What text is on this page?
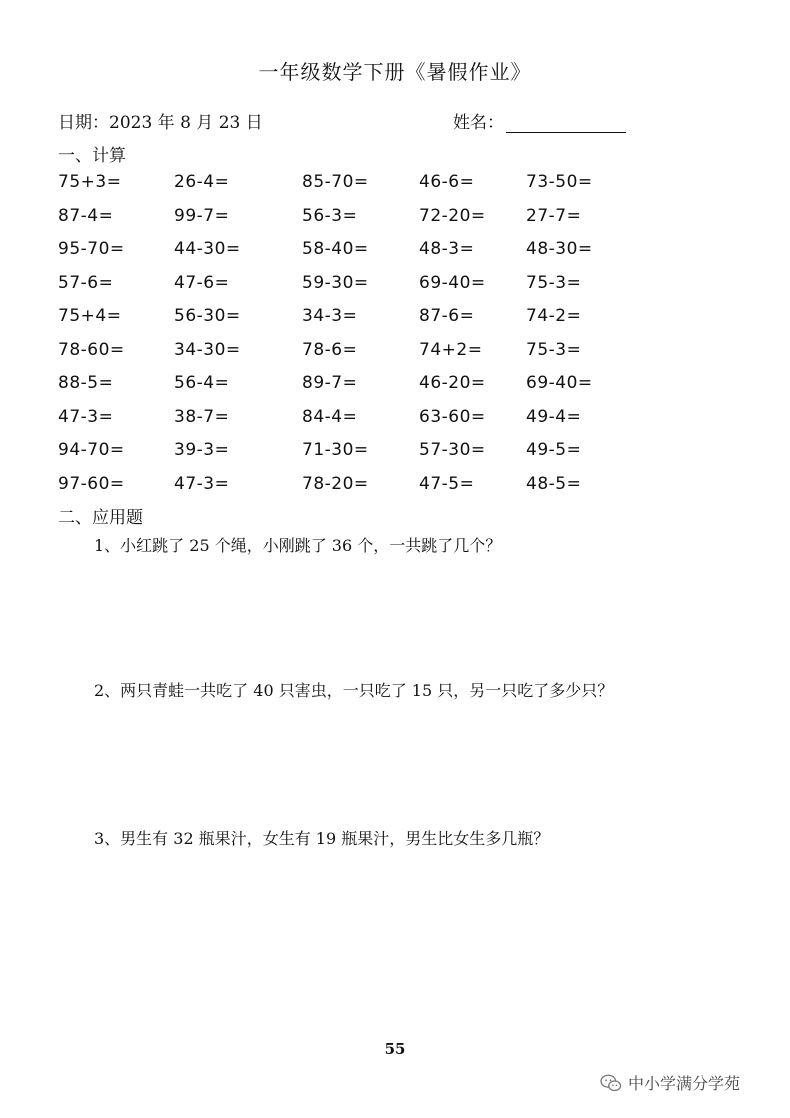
一年级数学下册《暑假作业》
日期：2023 年 8 月 23 日	姓名：
一、计算
75+3=	26-4=	85-70=	46-6=	73-50=
87-4=	99-7=	56-3=	72-20= 27-7=
95-70=	44-30=	58-40=	48-3=	48-30=
57-6=	47-6=	59-30=	69-40= 75-3=
75+4=	56-30=	34-3=	87-6=	74-2=
78-60=	34-30=	78-6=	74+2=	75-3=
88-5=	56-4=	89-7=	46-20= 69-40=
47-3=	38-7=	84-4=	63-60= 49-4=
94-70=	39-3=	71-30=	57-30= 49-5=
97-60=	47-3=	78-20=	47-5=	48-5=
二、应用题
1、小红跳了 25 个绳，小刚跳了 36 个，一共跳了几个？
2、两只青蛙一共吃了 40 只害虫，一只吃了 15 只，另一只吃了多少只？
3、男生有 32 瓶果汁，女生有 19 瓶果汁，男生比女生多几瓶？
55
中小学满分学苑
